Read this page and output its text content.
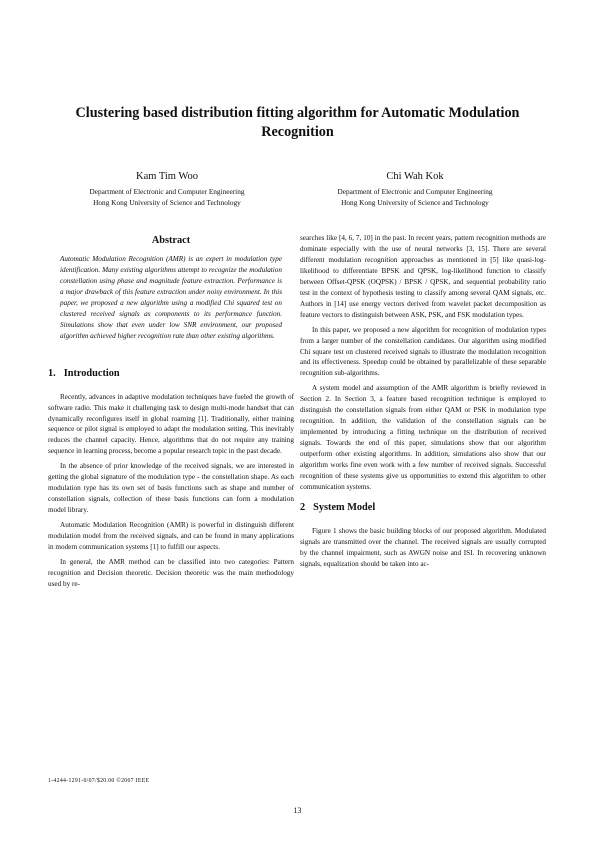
Clustering based distribution fitting algorithm for Automatic Modulation Recognition
Kam Tim Woo
Department of Electronic and Computer Engineering
Hong Kong University of Science and Technology
Chi Wah Kok
Department of Electronic and Computer Engineering
Hong Kong University of Science and Technology
Abstract

Automatic Modulation Recognition (AMR) is an expert in modulation type identification. Many existing algorithms attempt to recognize the modulation constellation using phase and magnitude feature extraction. Performance is a major drawback of this feature extraction under noisy environment. In this paper, we proposed a new algorithm using a modified Chi squared test on clustered received signals as components to its performance function. Simulations show that even under low SNR environment, our proposed algorithm achieved higher recognition rate than other existing algorithms.

1. Introduction

Recently, advances in adaptive modulation techniques have fueled the growth of software radio. This make it challenging task to design multi-mode handset that can dynamically reconfigures itself in global roaming [1]. Traditionally, either training sequence or pilot signal is employed to adapt the modulation setting. This inevitably reduces the channel capacity. Hence, algorithms that do not require any training sequence in learning process, become a popular research topic in the past decade.

In the absence of prior knowledge of the received signals, we are interested in getting the global signature of the modulation type - the constellation shape. As each modulation type has its own set of basis functions such as shape and number of constellation signals, collection of these basis functions can form a modulation model library.

Automatic Modulation Recognition (AMR) is powerful in distinguish different modulation model from the received signals, and can be found in many applications in modern communication systems [1] to fulfill our aspects.

In general, the AMR method can be classified into two categories: Pattern recognition and Decision theoretic. Decision theoretic was the main methodology used by re-

searches like [4, 6, 7, 10] in the past. In recent years, pattern recognition methods are dominate especially with the use of neural networks [3, 15]. There are several different modulation recognition approaches as mentioned in [5] like quasi-log-likelihood to differentiate BPSK and QPSK, log-likelihood function to classify between Offset-QPSK (OQPSK) / BPSK / QPSK, and sequential probability ratio test in the context of hypothesis testing to classify among several QAM signals, etc. Authors in [14] use energy vectors derived from wavelet packet decomposition as feature vectors to distinguish between ASK, PSK, and FSK modulation types.

In this paper, we proposed a new algorithm for recognition of modulation types from a larger number of the constellation candidates. Our algorithm using modified Chi square test on clustered received signals to illustrate the modulation recognition and its effectiveness. Speedup could be obtained by parallelizable of these separable recognition sub-algorithms.

A system model and assumption of the AMR algorithm is briefly reviewed in Section 2. In Section 3, a feature based recognition technique is employed to distinguish the constellation signals from either QAM or PSK in modulation type recognition. In addition, the validation of the constellation signals can be implemented by introducing a fitting technique on the distribution of received signals. Towards the end of this paper, simulations show that our algorithm outperform other existing algorithms. In addition, simulations also show that our algorithm works fine even work with a few number of received signals. Successful recognition of these systems give us opportunities to extend this algorithm to other communication systems.

2 System Model

Figure 1 shows the basic building blocks of our proposed algorithm. Modulated signals are transmitted over the channel. The received signals are usually corrupted by the channel impairment, such as AWGN noise and ISI. In recovering unknown signals, equalization should be taken into ac-

1-4244-1291-0/07/$20.00 ©2007 IEEE
13
